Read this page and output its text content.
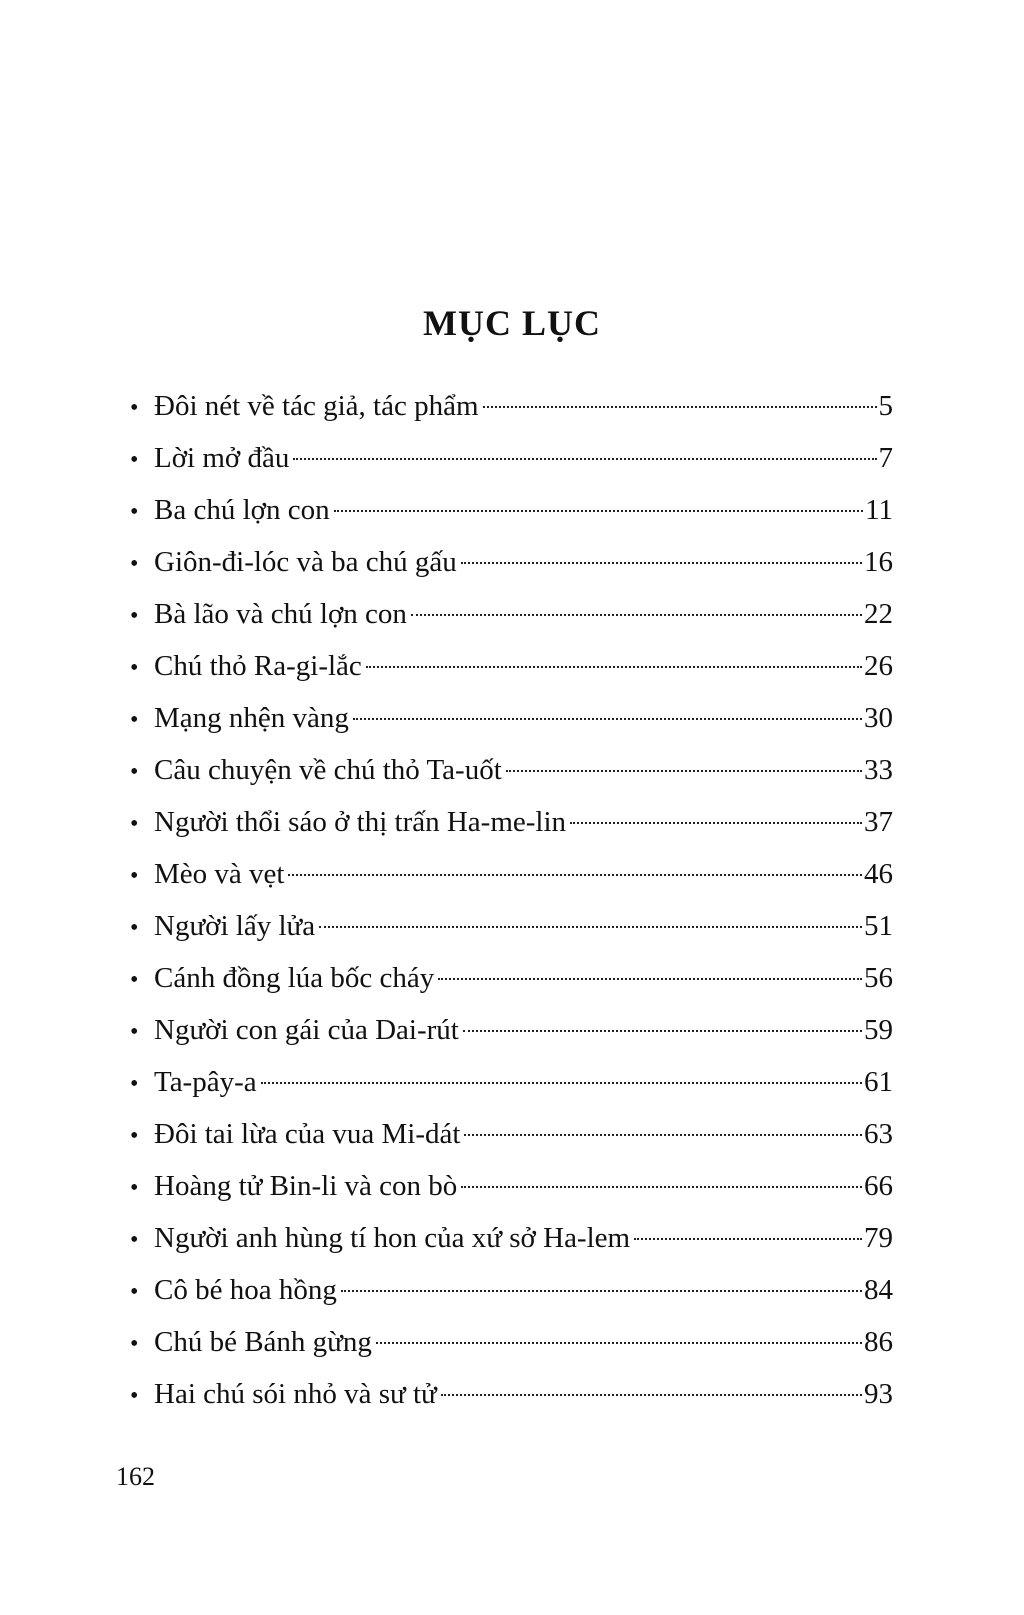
MỤC LỤC
• Đôi nét về tác giả, tác phẩm	5
• Lời mở đầu	7
• Ba chú lợn con	11
• Giôn-đi-lóc và ba chú gấu	16
• Bà lão và chú lợn con	22
• Chú thỏ Ra-gi-lắc	26
• Mạng nhện vàng	30
• Câu chuyện về chú thỏ Ta-uốt	33
• Người thổi sáo ở thị trấn Ha-me-lin	37
• Mèo và vẹt	46
• Người lấy lửa	51
• Cánh đồng lúa bốc cháy	56
• Người con gái của Dai-rút	59
• Ta-pây-a	61
• Đôi tai lừa của vua Mi-dát	63
• Hoàng tử Bin-li và con bò	66
• Người anh hùng tí hon của xứ sở Ha-lem	79
• Cô bé hoa hồng	84
• Chú bé Bánh gừng	86
• Hai chú sói nhỏ và sư tử	93
162
